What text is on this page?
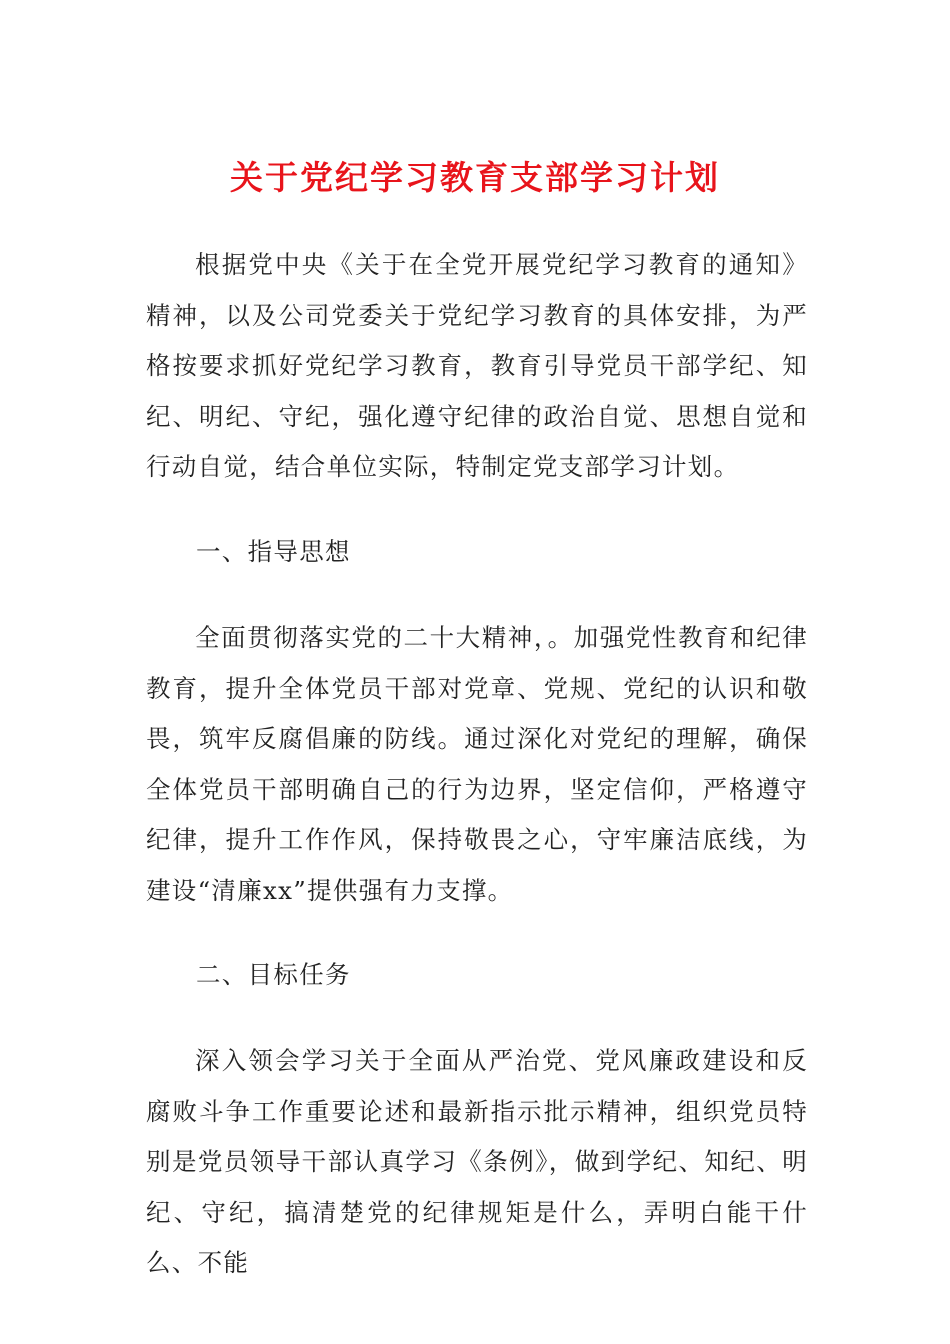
关于党纪学习教育支部学习计划

根据党中央《关于在全党开展党纪学习教育的通知》精神，以及公司党委关于党纪学习教育的具体安排，为严格按要求抓好党纪学习教育，教育引导党员干部学纪、知纪、明纪、守纪，强化遵守纪律的政治自觉、思想自觉和行动自觉，结合单位实际，特制定党支部学习计划。

一、指导思想

全面贯彻落实党的二十大精神，。加强党性教育和纪律教育，提升全体党员干部对党章、党规、党纪的认识和敬畏，筑牢反腐倡廉的防线。通过深化对党纪的理解，确保全体党员干部明确自己的行为边界，坚定信仰，严格遵守纪律，提升工作作风，保持敬畏之心，守牢廉洁底线，为建设“清廉xx”提供强有力支撑。

二、目标任务

深入领会学习关于全面从严治党、党风廉政建设和反腐败斗争工作重要论述和最新指示批示精神，组织党员特别是党员领导干部认真学习《条例》，做到学纪、知纪、明纪、守纪，搞清楚党的纪律规矩是什么，弄明白能干什么、不能
